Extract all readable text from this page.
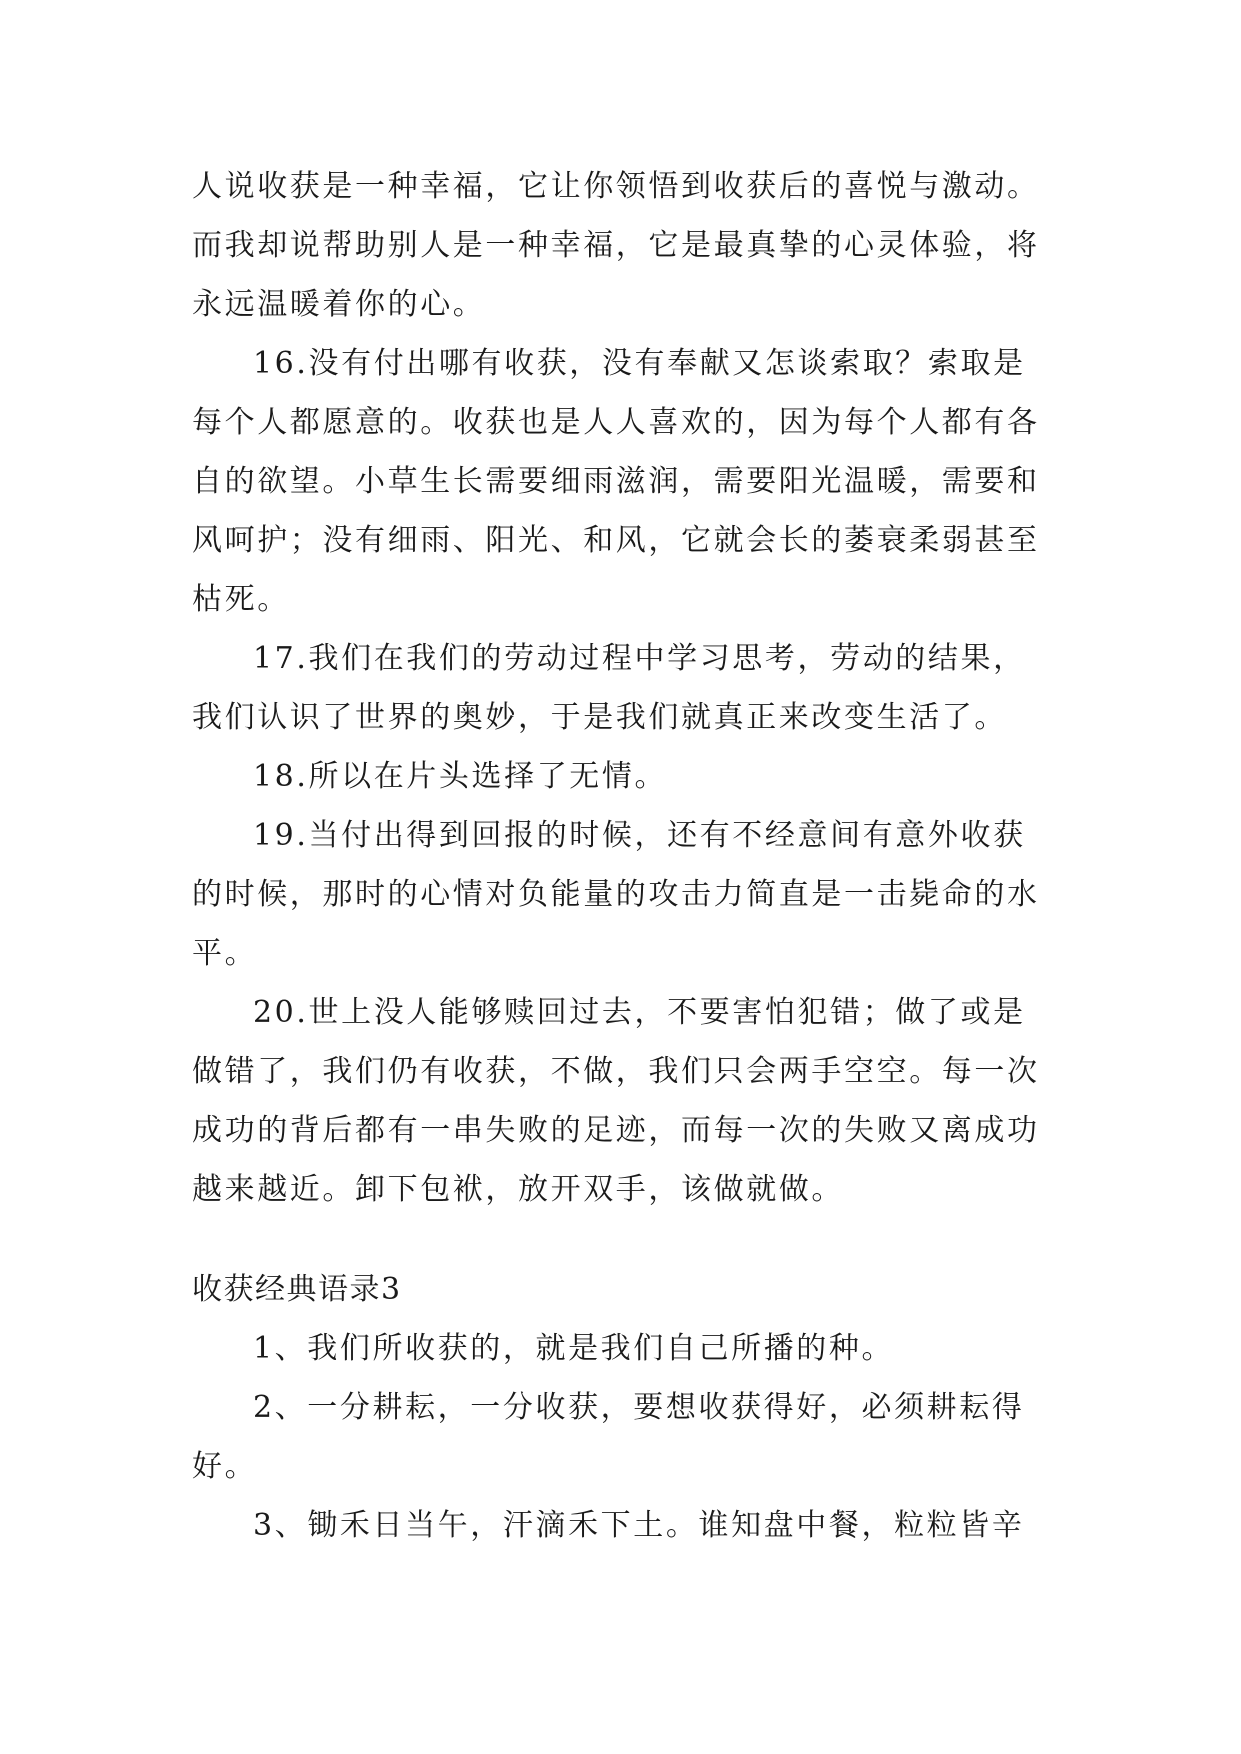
人说收获是一种幸福，它让你领悟到收获后的喜悦与激动。
而我却说帮助别人是一种幸福，它是最真挚的心灵体验，将
永远温暖着你的心。
16.没有付出哪有收获，没有奉献又怎谈索取？索取是
每个人都愿意的。收获也是人人喜欢的，因为每个人都有各
自的欲望。小草生长需要细雨滋润，需要阳光温暖，需要和
风呵护；没有细雨、阳光、和风，它就会长的萎衰柔弱甚至
枯死。
17.我们在我们的劳动过程中学习思考，劳动的结果，
我们认识了世界的奥妙，于是我们就真正来改变生活了。
18.所以在片头选择了无情。
19.当付出得到回报的时候，还有不经意间有意外收获
的时候，那时的心情对负能量的攻击力简直是一击毙命的水
平。
20.世上没人能够赎回过去，不要害怕犯错；做了或是
做错了，我们仍有收获，不做，我们只会两手空空。每一次
成功的背后都有一串失败的足迹，而每一次的失败又离成功
越来越近。卸下包袱，放开双手，该做就做。
收获经典语录3
1、我们所收获的，就是我们自己所播的种。
2、一分耕耘，一分收获，要想收获得好，必须耕耘得
好。
3、锄禾日当午，汗滴禾下土。谁知盘中餐，粒粒皆辛
